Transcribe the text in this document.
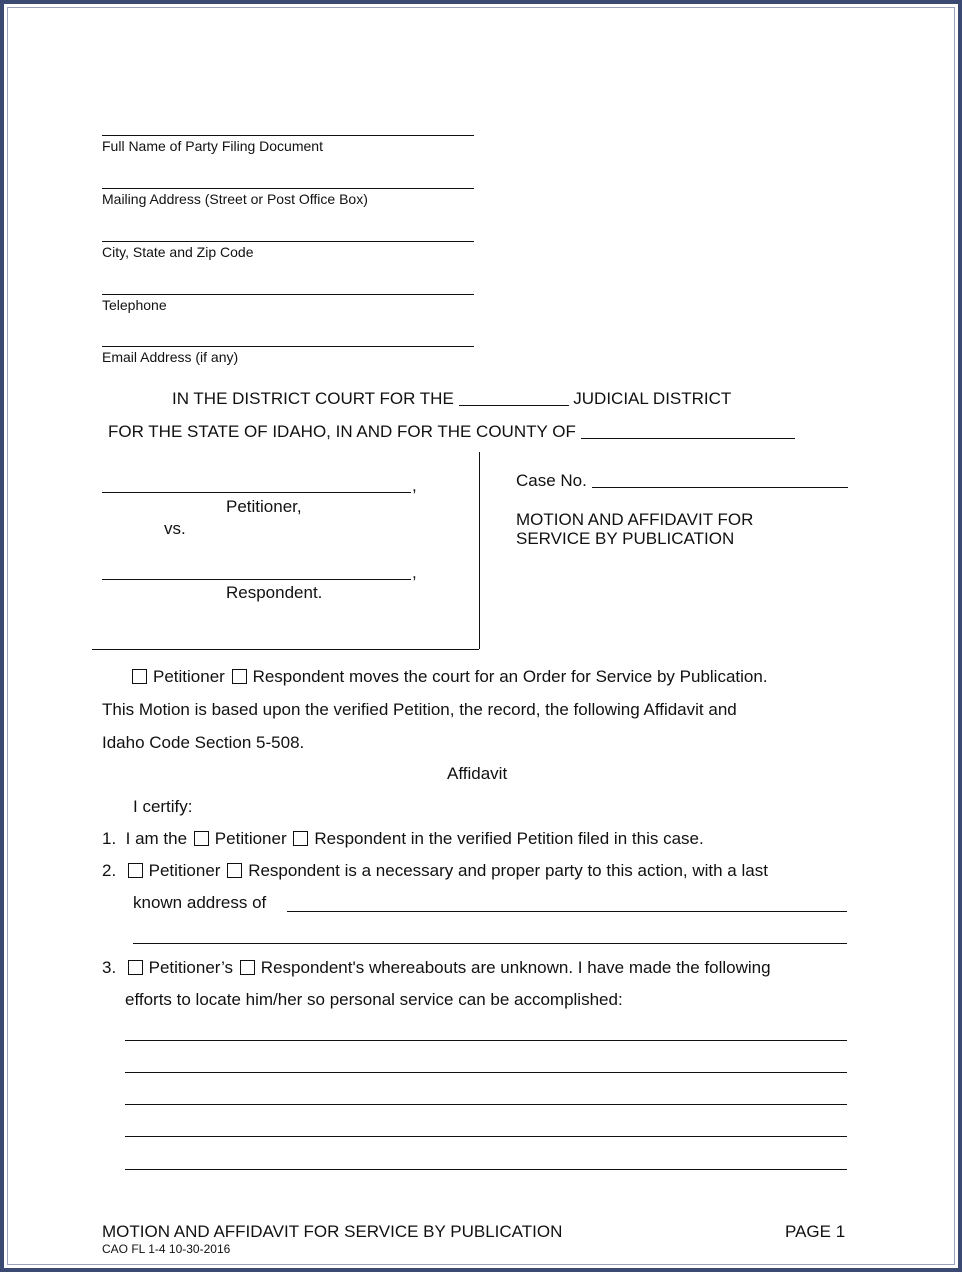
Full Name of Party Filing Document
Mailing Address (Street or Post Office Box)
City, State and Zip Code
Telephone
Email Address (if any)
IN THE DISTRICT COURT FOR THE	JUDICIAL DISTRICT
FOR THE STATE OF IDAHO, IN AND FOR THE COUNTY OF
,
Petitioner,
vs.
,
Respondent.
Case No.
MOTION AND AFFIDAVIT FOR
SERVICE BY PUBLICATION
Petitioner Respondent moves the court for an Order for Service by Publication.
This Motion is based upon the verified Petition, the record, the following Affidavit and
Idaho Code Section 5-508.
Affidavit
I certify:
1. I am the Petitioner Respondent in the verified Petition filed in this case.
2. Petitioner Respondent is a necessary and proper party to this action, with a last
known address of
3. Petitioner’s Respondent's whereabouts are unknown. I have made the following
efforts to locate him/her so personal service can be accomplished:
MOTION AND AFFIDAVIT FOR SERVICE BY PUBLICATION	PAGE 1
CAO FL 1-4 10-30-2016
